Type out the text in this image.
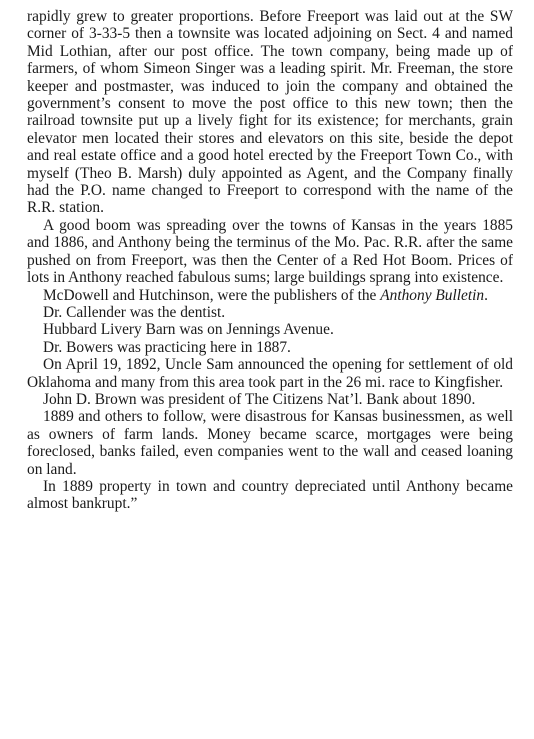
rapidly grew to greater proportions. Before Freeport was laid out at the SW corner of 3-33-5 then a townsite was located adjoining on Sect. 4 and named Mid Lothian, after our post office. The town company, being made up of farmers, of whom Simeon Singer was a leading spirit. Mr. Freeman, the store keeper and postmaster, was induced to join the company and obtained the government’s consent to move the post office to this new town; then the railroad townsite put up a lively fight for its existence; for merchants, grain elevator men located their stores and elevators on this site, beside the depot and real estate office and a good hotel erected by the Freeport Town Co., with myself (Theo B. Marsh) duly appointed as Agent, and the Company finally had the P.O. name changed to Freeport to correspond with the name of the R.R. station.

A good boom was spreading over the towns of Kansas in the years 1885 and 1886, and Anthony being the terminus of the Mo. Pac. R.R. after the same pushed on from Freeport, was then the Center of a Red Hot Boom. Prices of lots in Anthony reached fabulous sums; large buildings sprang into existence.

McDowell and Hutchinson, were the publishers of the Anthony Bulletin.

Dr. Callender was the dentist.

Hubbard Livery Barn was on Jennings Avenue.

Dr. Bowers was practicing here in 1887.

On April 19, 1892, Uncle Sam announced the opening for settlement of old Oklahoma and many from this area took part in the 26 mi. race to Kingfisher.

John D. Brown was president of The Citizens Nat’l. Bank about 1890.

1889 and others to follow, were disastrous for Kansas businessmen, as well as owners of farm lands. Money became scarce, mortgages were being foreclosed, banks failed, even companies went to the wall and ceased loaning on land.

In 1889 property in town and country depreciated until Anthony became almost bankrupt.”
